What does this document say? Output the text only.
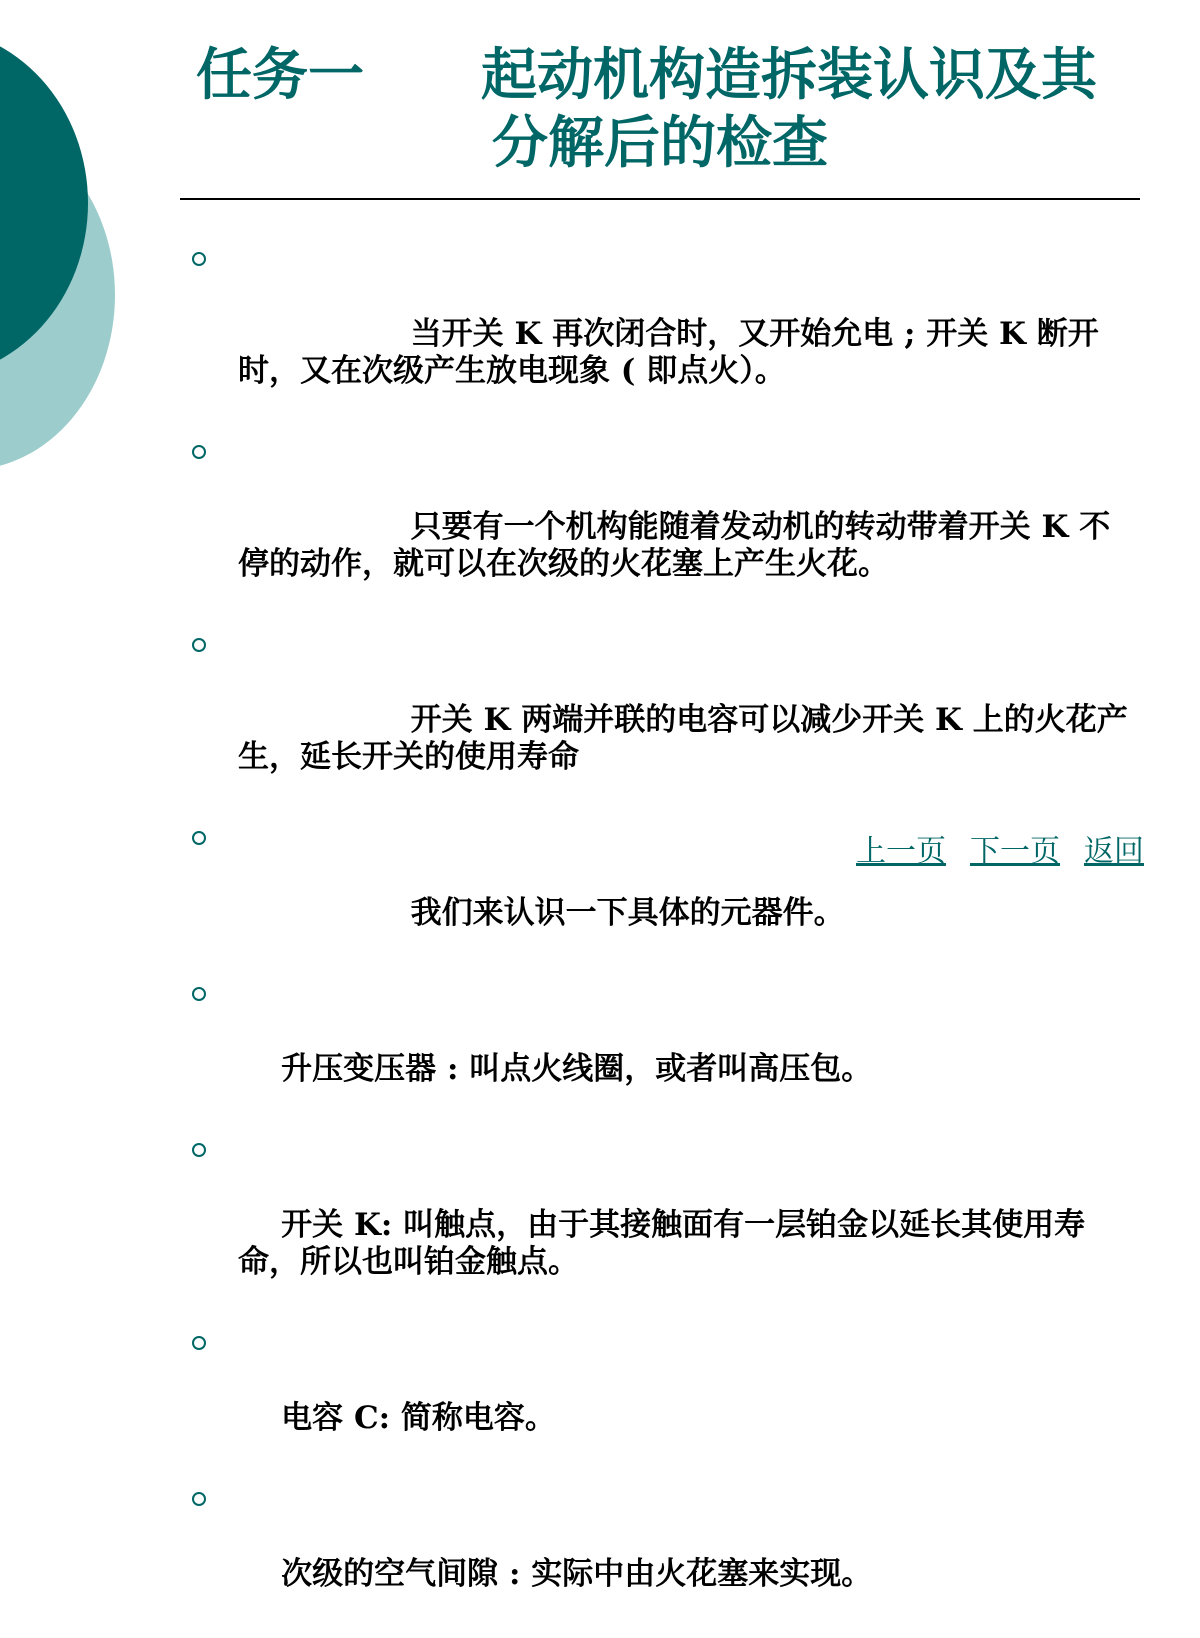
任务一      起动机构造拆装认识及其
分解后的检查

当开关 K 再次闭合时，又开始允电 ; 开关 K 断开时，又在次级产生放电现象 ( 即点火）。

只要有一个机构能随着发动机的转动带着开关 K 不停的动作，就可以在次级的火花塞上产生火花。

开关 K 两端并联的电容可以减少开关 K 上的火花产生，延长开关的使用寿命

我们来认识一下具体的元器件。

升压变压器 : 叫点火线圈，或者叫高压包。

开关 K: 叫触点，由于其接触面有一层铂金以延长其使用寿命，所以也叫铂金触点。

电容 C: 简称电容。

次级的空气间隙 : 实际中由火花塞来实现。

上一页 下一页 返回
